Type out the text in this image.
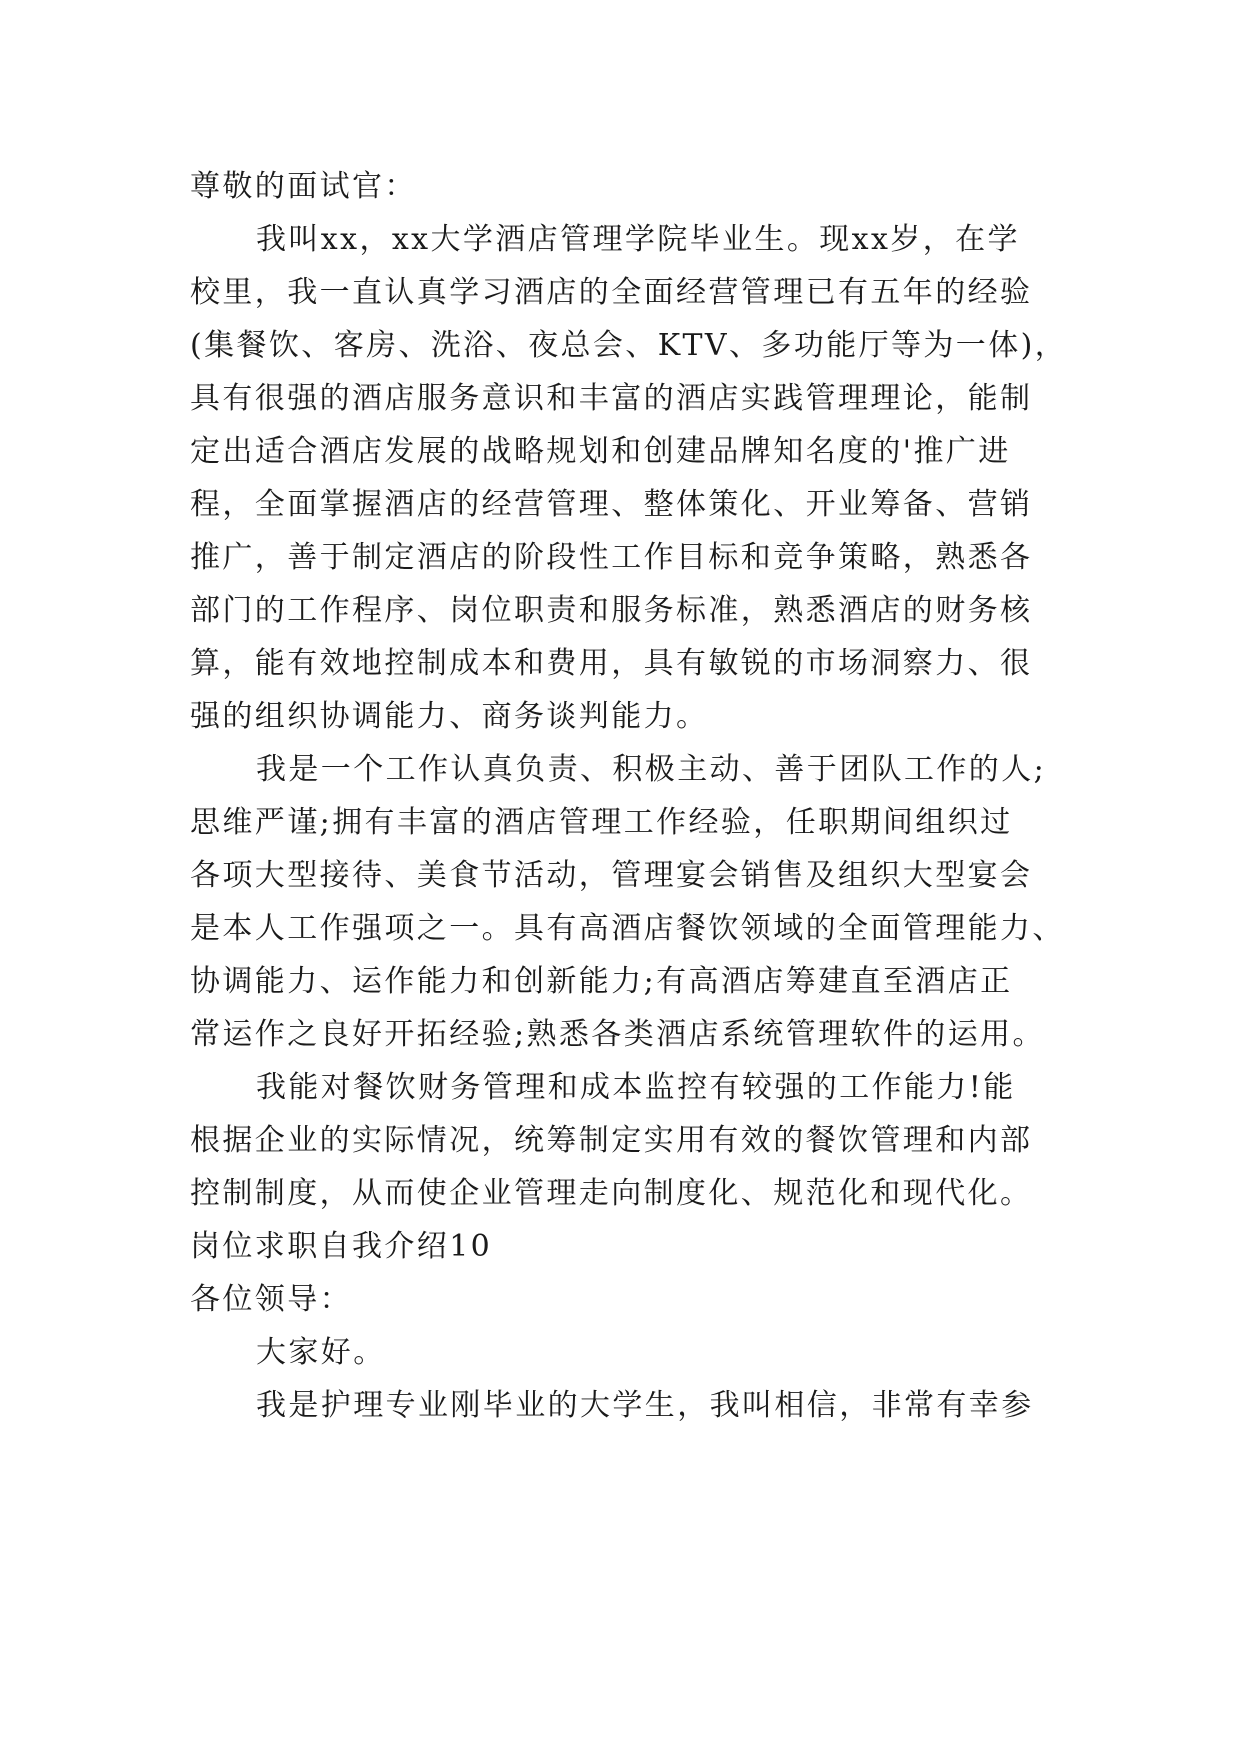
尊敬的面试官：
我叫xx，xx大学酒店管理学院毕业生。现xx岁，在学
校里，我一直认真学习酒店的全面经营管理已有五年的经验
(集餐饮、客房、洗浴、夜总会、KTV、多功能厅等为一体)，
具有很强的酒店服务意识和丰富的酒店实践管理理论，能制
定出适合酒店发展的战略规划和创建品牌知名度的'推广进
程，全面掌握酒店的经营管理、整体策化、开业筹备、营销
推广，善于制定酒店的阶段性工作目标和竞争策略，熟悉各
部门的工作程序、岗位职责和服务标准，熟悉酒店的财务核
算，能有效地控制成本和费用，具有敏锐的市场洞察力、很
强的组织协调能力、商务谈判能力。
我是一个工作认真负责、积极主动、善于团队工作的人;
思维严谨;拥有丰富的酒店管理工作经验，任职期间组织过
各项大型接待、美食节活动，管理宴会销售及组织大型宴会
是本人工作强项之一。具有高酒店餐饮领域的全面管理能力、
协调能力、运作能力和创新能力;有高酒店筹建直至酒店正
常运作之良好开拓经验;熟悉各类酒店系统管理软件的运用。
我能对餐饮财务管理和成本监控有较强的工作能力!能
根据企业的实际情况，统筹制定实用有效的餐饮管理和内部
控制制度，从而使企业管理走向制度化、规范化和现代化。
岗位求职自我介绍10
各位领导：
大家好。
我是护理专业刚毕业的大学生，我叫相信，非常有幸参
